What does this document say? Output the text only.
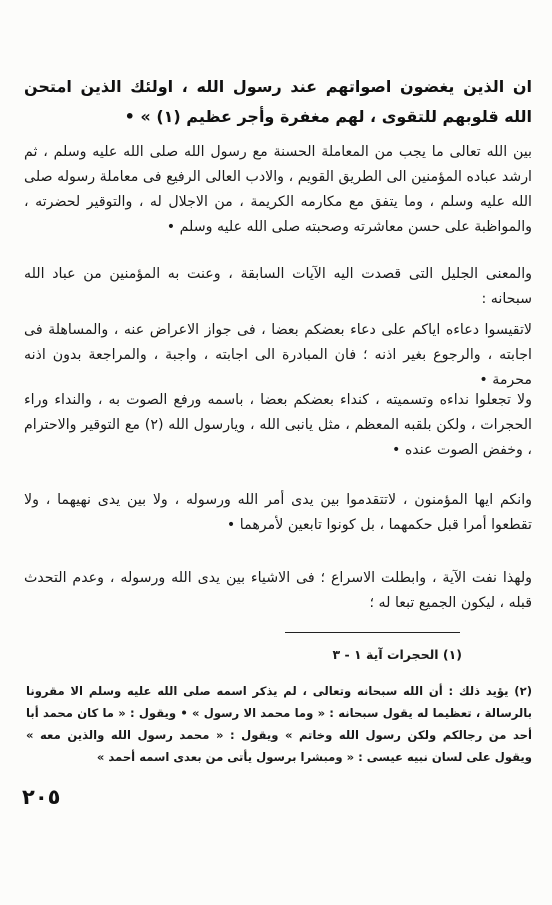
ان الذين يغضون اصواتهم عند رسول الله ، اولئك الذين امتحن الله قلوبهم للتقوى ، لهم مغفرة وأجر عظيم (١) » •
بين الله تعالى ما يجب من المعاملة الحسنة مع رسول الله صلى الله عليه وسلم ، ثم ارشد عباده المؤمنين الى الطريق القويم ، والادب العالى الرفيع فى معاملة رسوله صلى الله عليه وسلم ، وما يتفق مع مكارمه الكريمة ، من الاجلال له ، والتوقير لحضرته ، والمواظبة على حسن معاشرته وصحبته صلى الله عليه وسلم •
والمعنى الجليل التى قصدت اليه الآيات السابقة ، وعنت به المؤمنين من عباد الله سبحانه :
لاتقيسوا دعاءه اياكم على دعاء بعضكم بعضا ، فى جواز الاعراض عنه ، والمساهلة فى اجابته ، والرجوع بغير اذنه ؛ فان المبادرة الى اجابته ، واجبة ، والمراجعة بدون اذنه محرمة •
ولا تجعلوا نداءه وتسميته ، كنداء بعضكم بعضا ، باسمه ورفع الصوت به ، والنداء وراء الحجرات ، ولكن بلقبه المعظم ، مثل يانبى الله ، ويارسول الله (٢) مع التوقير والاحترام ، وخفض الصوت عنده •
وانكم ايها المؤمنون ، لاتتقدموا بين يدى أمر الله ورسوله ، ولا بين يدى نهيهما ، ولا تقطعوا أمرا قبل حكمهما ، بل كونوا تابعين لأمرهما •
ولهذا نفت الآية ، وابطلت الاسراع ؛ فى الاشياء بين يدى الله ورسوله ، وعدم التحدث قبله ، ليكون الجميع تبعا له ؛
(١) الحجرات آية ١ - ٣
(٢) يؤيد ذلك : أن الله سبحانه وتعالى ، لم يذكر اسمه صلى الله عليه وسلم الا مقرونا بالرسالة ، تعظيما له يقول سبحانه : « وما محمد الا رسول » • ويقول : « ما كان محمد أبا أحد من رجالكم ولكن رسول الله وخاتم » ويقول : « محمد رسول الله والذين معه » ويقول على لسان نبيه عيسى : « ومبشرا برسول يأتى من بعدى اسمه أحمد »
٢٠٥
